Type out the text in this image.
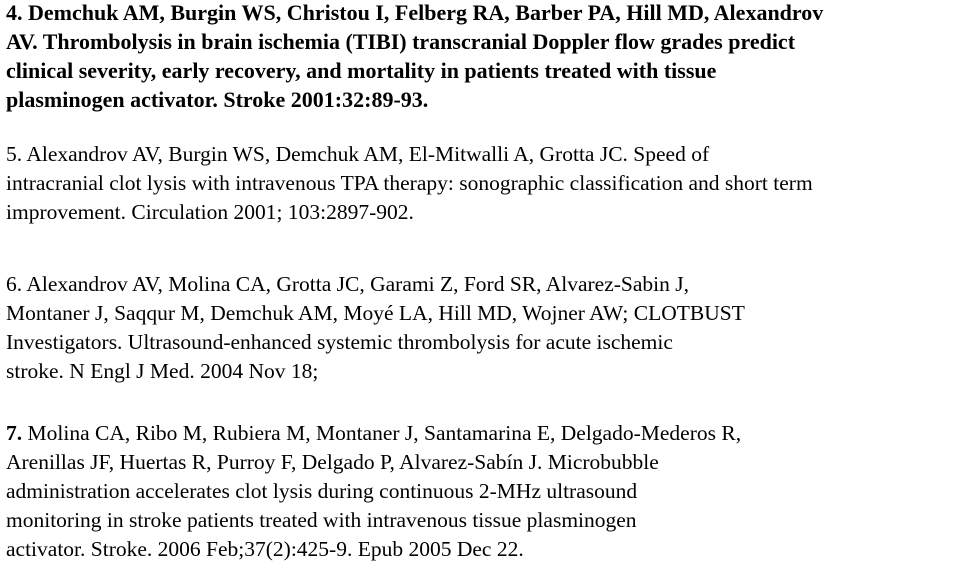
4. Demchuk AM, Burgin WS, Christou I, Felberg RA, Barber PA, Hill MD, Alexandrov
AV. Thrombolysis in brain ischemia (TIBI) transcranial Doppler flow grades predict
clinical severity, early recovery, and mortality in patients treated with tissue
plasminogen activator. Stroke 2001:32:89-93.

5. Alexandrov AV, Burgin WS, Demchuk AM, El-Mitwalli A, Grotta JC. Speed of
intracranial clot lysis with intravenous TPA therapy: sonographic classification and short term
improvement. Circulation 2001; 103:2897-902.

6. Alexandrov AV, Molina CA, Grotta JC, Garami Z, Ford SR, Alvarez-Sabin J,
Montaner J, Saqqur M, Demchuk AM, Moyé LA, Hill MD, Wojner AW; CLOTBUST
Investigators. Ultrasound-enhanced systemic thrombolysis for acute ischemic
stroke. N Engl J Med. 2004 Nov 18;

7. Molina CA, Ribo M, Rubiera M, Montaner J, Santamarina E, Delgado-Mederos R,
Arenillas JF, Huertas R, Purroy F, Delgado P, Alvarez-Sabín J. Microbubble
administration accelerates clot lysis during continuous 2-MHz ultrasound
monitoring in stroke patients treated with intravenous tissue plasminogen
activator. Stroke. 2006 Feb;37(2):425-9. Epub 2005 Dec 22.
